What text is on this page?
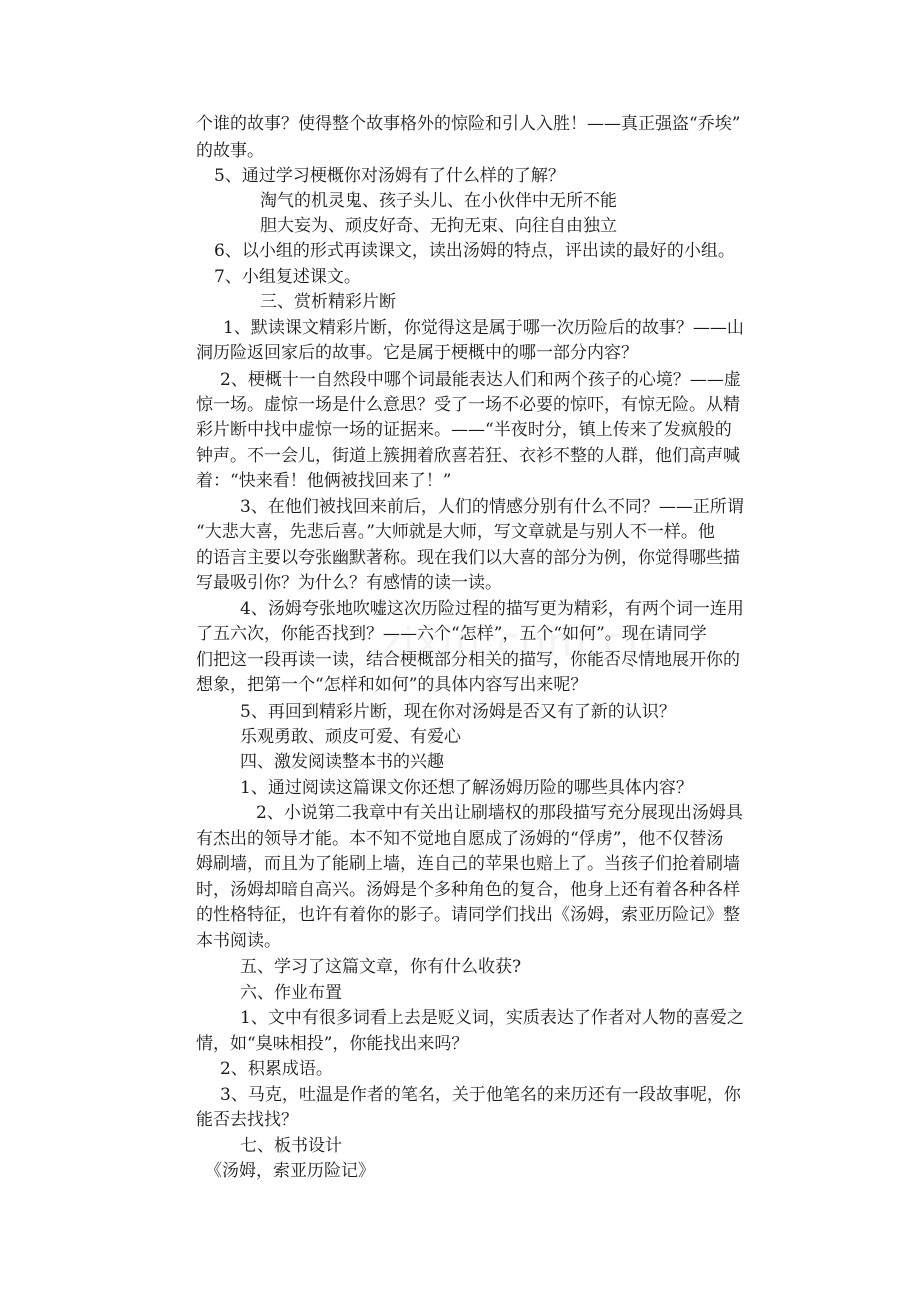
个谁的故事？使得整个故事格外的惊险和引人入胜！——真正强盗“乔埃”
的故事。
5、通过学习梗概你对汤姆有了什么样的了解？
淘气的机灵鬼、孩子头儿、在小伙伴中无所不能
胆大妄为、顽皮好奇、无拘无束、向往自由独立
6、以小组的形式再读课文，读出汤姆的特点，评出读的最好的小组。
7、小组复述课文。
三、赏析精彩片断
1、默读课文精彩片断，你觉得这是属于哪一次历险后的故事？——山
洞历险返回家后的故事。它是属于梗概中的哪一部分内容？
2、梗概十一自然段中哪个词最能表达人们和两个孩子的心境？——虚
惊一场。虚惊一场是什么意思？受了一场不必要的惊吓，有惊无险。从精
彩片断中找中虚惊一场的证据来。——“半夜时分，镇上传来了发疯般的
钟声。不一会儿，街道上簇拥着欣喜若狂、衣衫不整的人群，他们高声喊
着：“快来看！他俩被找回来了！”
3、在他们被找回来前后，人们的情感分别有什么不同？——正所谓
“大悲大喜，先悲后喜。”大师就是大师，写文章就是与别人不一样。他
的语言主要以夸张幽默著称。现在我们以大喜的部分为例，你觉得哪些描
写最吸引你？为什么？有感情的读一读。
4、汤姆夸张地吹嘘这次历险过程的描写更为精彩，有两个词一连用
了五六次，你能否找到？——六个“怎样”，五个“如何”。现在请同学
们把这一段再读一读，结合梗概部分相关的描写，你能否尽情地展开你的
想象，把第一个“怎样和如何”的具体内容写出来呢？
5、再回到精彩片断，现在你对汤姆是否又有了新的认识？
乐观勇敢、顽皮可爱、有爱心
四、激发阅读整本书的兴趣
1、通过阅读这篇课文你还想了解汤姆历险的哪些具体内容？
2、小说第二我章中有关出让刷墙权的那段描写充分展现出汤姆具
有杰出的领导才能。本不知不觉地自愿成了汤姆的“俘虏”，他不仅替汤
姆刷墙，而且为了能刷上墙，连自己的苹果也赔上了。当孩子们抢着刷墙
时，汤姆却暗自高兴。汤姆是个多种角色的复合，他身上还有着各种各样
的性格特征，也许有着你的影子。请同学们找出《汤姆，索亚历险记》整
本书阅读。
五、学习了这篇文章，你有什么收获?
六、作业布置
1、文中有很多词看上去是贬义词，实质表达了作者对人物的喜爱之
情，如“臭味相投”，你能找出来吗？
2、积累成语。
3、马克，吐温是作者的笔名，关于他笔名的来历还有一段故事呢，你
能否去找找？
七、板书设计
《汤姆，索亚历险记》
